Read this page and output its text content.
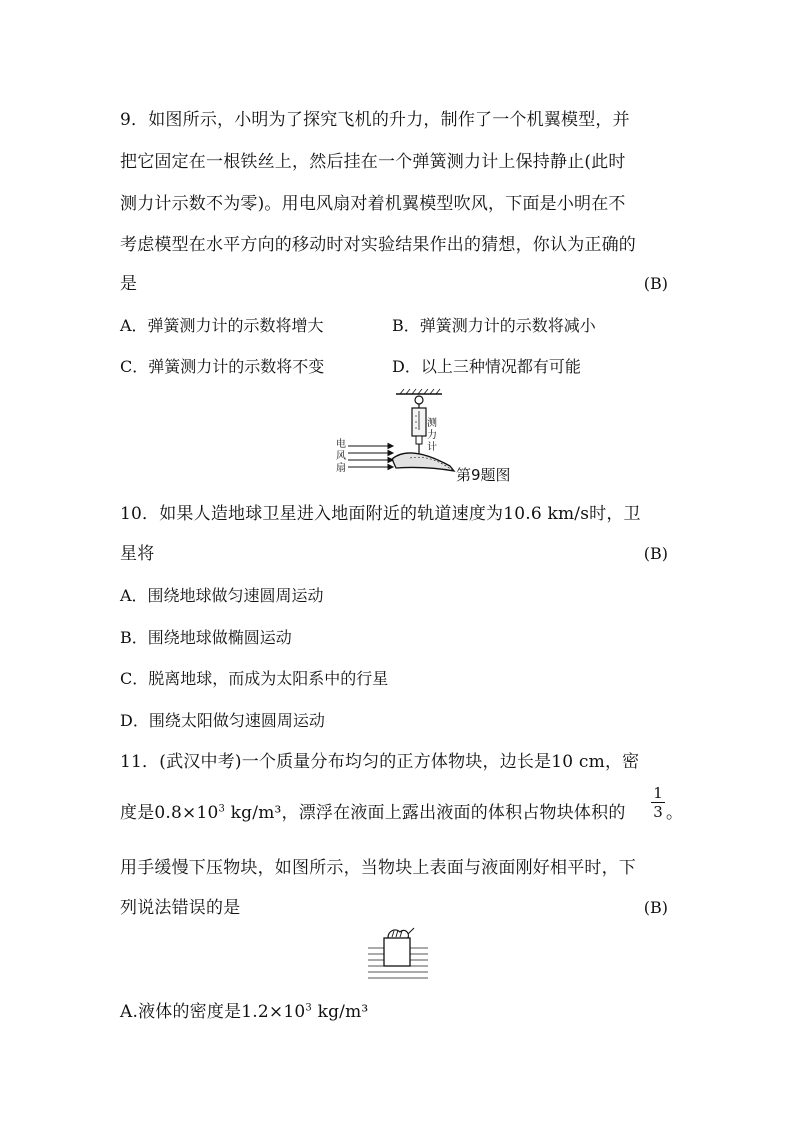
9．如图所示，小明为了探究飞机的升力，制作了一个机翼模型，并
把它固定在一根铁丝上，然后挂在一个弹簧测力计上保持静止(此时
测力计示数不为零)。用电风扇对着机翼模型吹风，下面是小明在不
考虑模型在水平方向的移动时对实验结果作出的猜想，你认为正确的
是	(B)
A．弹簧测力计的示数将增大	B．弹簧测力计的示数将减小
C．弹簧测力计的示数将不变	D．以上三种情况都有可能
测
力
计
电
风
扇	第9题图
10．如果人造地球卫星进入地面附近的轨道速度为10.6 km/s时，卫
星将	(B)
A．围绕地球做匀速圆周运动
B．围绕地球做椭圆运动
C．脱离地球，而成为太阳系中的行星
D．围绕太阳做匀速圆周运动
11．(武汉中考)一个质量分布均匀的正方体物块，边长是10 cm，密
度是$0.8\times 10^3$ kg/m³，漂浮在液面上露出液面的体积占物块体积的 $\frac{1}{3}$ 。
用手缓慢下压物块，如图所示，当物块上表面与液面刚好相平时，下
列说法错误的是	(B)
A.液体的密度是$1.2\times 10^3$ kg/m³
